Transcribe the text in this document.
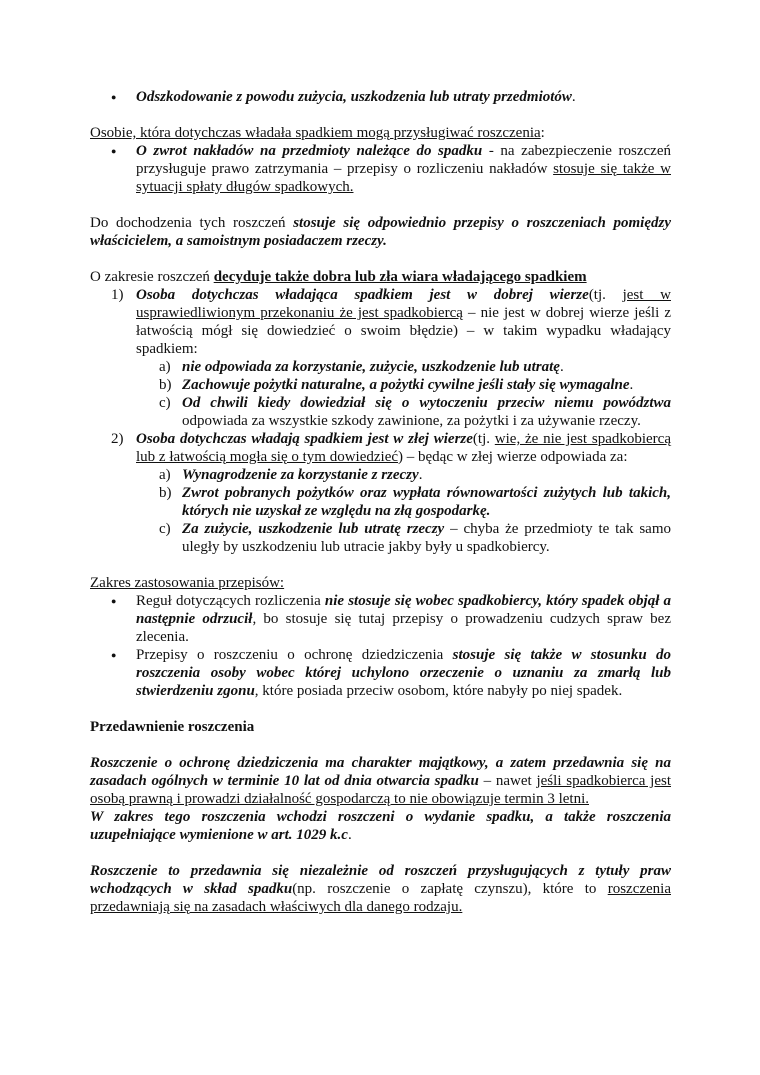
● Odszkodowanie z powodu zużycia, uszkodzenia lub utraty przedmiotów.

Osobie, która dotychczas władała spadkiem mogą przysługiwać roszczenia:

● O zwrot nakładów na przedmioty należące do spadku - na zabezpieczenie roszczeń przysługuje prawo zatrzymania – przepisy o rozliczeniu nakładów stosuje się także w sytuacji spłaty długów spadkowych.

Do dochodzenia tych roszczeń stosuje się odpowiednio przepisy o roszczeniach pomiędzy właścicielem, a samoistnym posiadaczem rzeczy.

O zakresie roszczeń decyduje także dobra lub zła wiara władającego spadkiem

1) Osoba dotychczas władająca spadkiem jest w dobrej wierze(tj. jest w usprawiedliwionym przekonaniu że jest spadkobiercą – nie jest w dobrej wierze jeśli z łatwością mógł się dowiedzieć o swoim błędzie) – w takim wypadku władający spadkiem:
a) nie odpowiada za korzystanie, zużycie, uszkodzenie lub utratę.
b) Zachowuje pożytki naturalne, a pożytki cywilne jeśli stały się wymagalne.
c) Od chwili kiedy dowiedział się o wytoczeniu przeciw niemu powództwa odpowiada za wszystkie szkody zawinione, za pożytki i za używanie rzeczy.
2) Osoba dotychczas władają spadkiem jest w złej wierze(tj. wie, że nie jest spadkobiercą lub z łatwością mogła się o tym dowiedzieć) – będąc w złej wierze odpowiada za:
a) Wynagrodzenie za korzystanie z rzeczy.
b) Zwrot pobranych pożytków oraz wypłata równowartości zużytych lub takich, których nie uzyskał ze względu na złą gospodarkę.
c) Za zużycie, uszkodzenie lub utratę rzeczy – chyba że przedmioty te tak samo uległy by uszkodzeniu lub utracie jakby były u spadkobiercy.

Zakres zastosowania przepisów:

● Reguł dotyczących rozliczenia nie stosuje się wobec spadkobiercy, który spadek objął a następnie odrzucił, bo stosuje się tutaj przepisy o prowadzeniu cudzych spraw bez zlecenia.
● Przepisy o roszczeniu o ochronę dziedziczenia stosuje się także w stosunku do roszczenia osoby wobec której uchylono orzeczenie o uznaniu za zmarłą lub stwierdzeniu zgonu, które posiada przeciw osobom, które nabyły po niej spadek.

Przedawnienie roszczenia

Roszczenie o ochronę dziedziczenia ma charakter majątkowy, a zatem przedawnia się na zasadach ogólnych w terminie 10 lat od dnia otwarcia spadku – nawet jeśli spadkobierca jest osobą prawną i prowadzi działalność gospodarczą to nie obowiązuje termin 3 letni.

W zakres tego roszczenia wchodzi roszczeni o wydanie spadku, a także roszczenia uzupełniające wymienione w art. 1029 k.c.

Roszczenie to przedawnia się niezależnie od roszczeń przysługujących z tytuły praw wchodzących w skład spadku(np. roszczenie o zapłatę czynszu), które to roszczenia przedawniają się na zasadach właściwych dla danego rodzaju.
